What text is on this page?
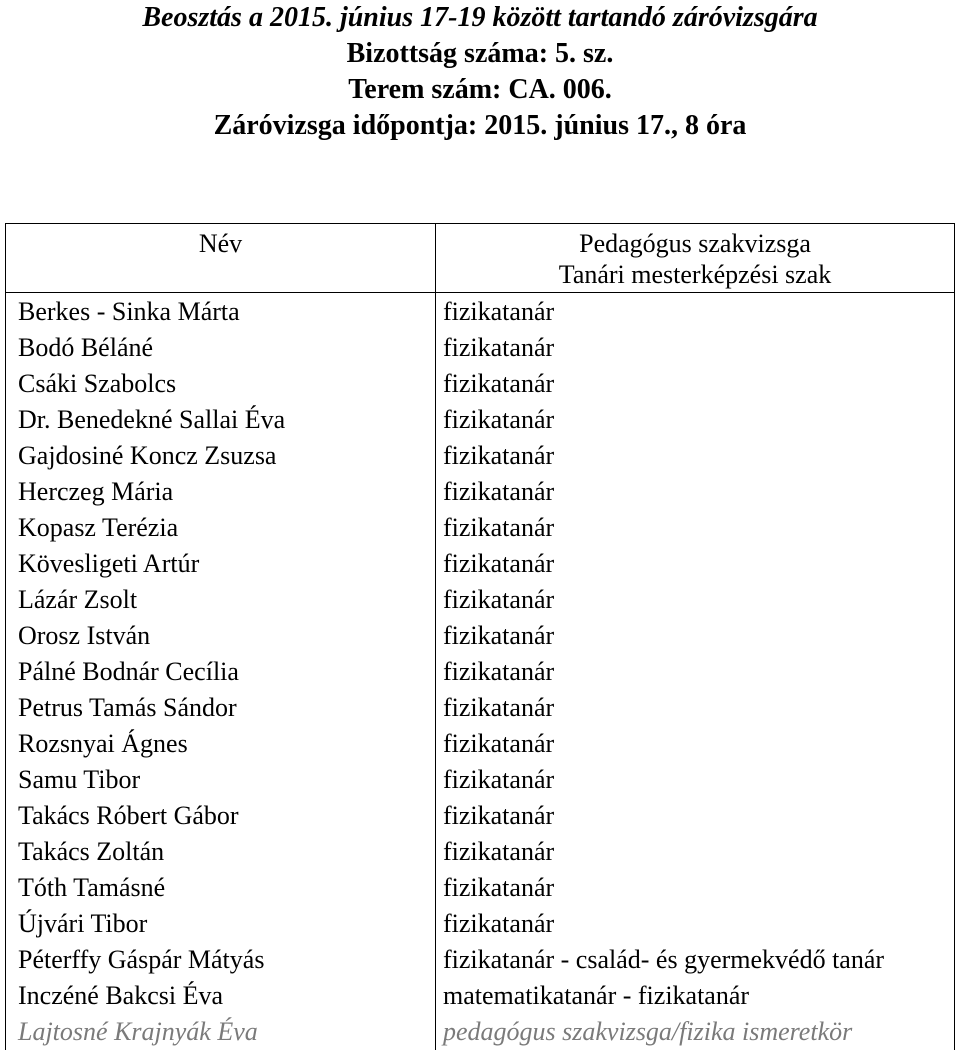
Beosztás a 2015. június 17-19 között tartandó záróvizsgára
Bizottság száma: 5. sz.
Terem szám: CA. 006.
Záróvizsga időpontja: 2015. június 17., 8 óra
Név	Pedagógus szakvizsga
Tanári mesterképzési szak
Berkes - Sinka Márta	fizikatanár
Bodó Béláné	fizikatanár
Csáki Szabolcs	fizikatanár
Dr. Benedekné Sallai Éva	fizikatanár
Gajdosiné Koncz Zsuzsa	fizikatanár
Herczeg Mária	fizikatanár
Kopasz Terézia	fizikatanár
Kövesligeti Artúr	fizikatanár
Lázár Zsolt	fizikatanár
Orosz István	fizikatanár
Pálné Bodnár Cecília	fizikatanár
Petrus Tamás Sándor	fizikatanár
Rozsnyai Ágnes	fizikatanár
Samu Tibor	fizikatanár
Takács Róbert Gábor	fizikatanár
Takács Zoltán	fizikatanár
Tóth Tamásné	fizikatanár
Újvári Tibor	fizikatanár
Péterffy Gáspár Mátyás	fizikatanár - család- és gyermekvédő tanár
Inczéné Bakcsi Éva	matematikatanár - fizikatanár
Lajtosné Krajnyák Éva	pedagógus szakvizsga/fizika ismeretkör
